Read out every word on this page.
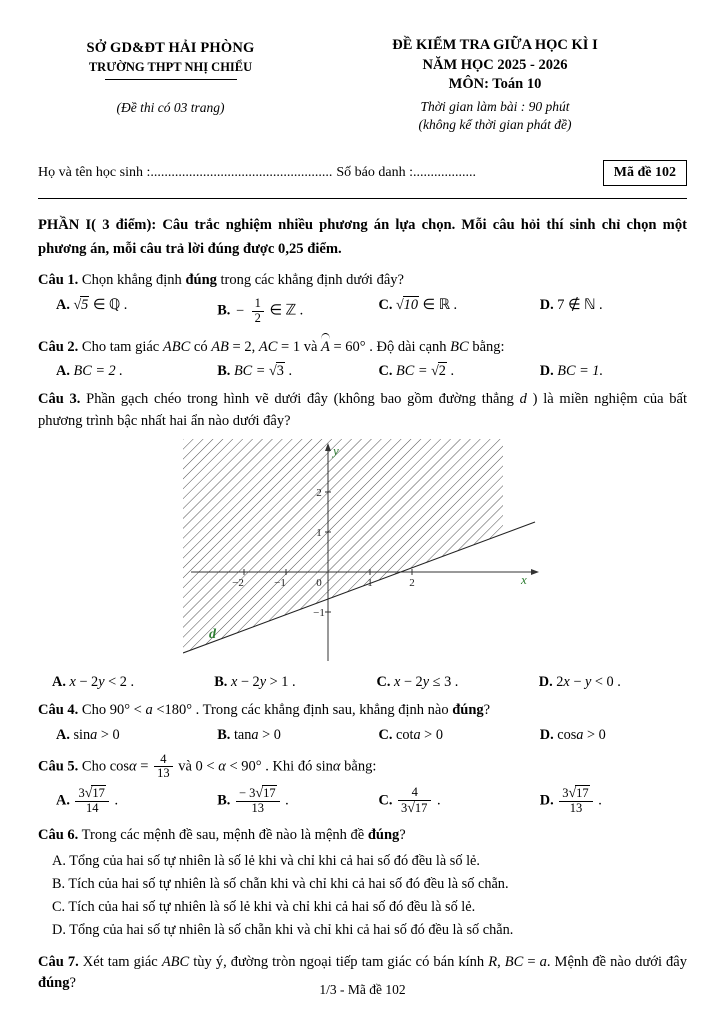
SỞ GD&ĐT HẢI PHÒNG
TRƯỜNG THPT NHỊ CHIỂU
(Đề thi có 03 trang)
ĐỀ KIỂM TRA GIỮA HỌC KÌ I
NĂM HỌC 2025 - 2026
MÔN: Toán 10
Thời gian làm bài : 90 phút
(không kể thời gian phát đề)
Họ và tên học sinh : .................................................... Số báo danh : ..................	Mã đề 102
PHẦN I( 3 điểm): Câu trắc nghiệm nhiều phương án lựa chọn. Mỗi câu hỏi thí sinh chỉ chọn một phương án, mỗi câu trả lời đúng được 0,25 điểm.
Câu 1. Chọn khẳng định đúng trong các khẳng định dưới đây?
A. √5 ∈ ℚ .	B. − $\frac{1}{2}$ ∈ ℤ .	C. √10 ∈ ℝ .	D. 7 ∉ ℕ .
Câu 2. Cho tam giác ABC có AB = 2, AC = 1 và A = 60° . Độ dài cạnh BC bằng:
A. BC = 2 .	B. BC = √3 .	C. BC = √2 .	D. BC = 1.
Câu 3. Phần gạch chéo trong hình vẽ dưới đây (không bao gồm đường thẳng d ) là miền nghiệm của bất phương trình bậc nhất hai ẩn nào dưới đây?
−2	−1	0	1	2
1
2
−1
y
x
d
A. x − 2y < 2 .	B. x − 2y > 1 .	C. x − 2y ≤ 3 .	D. 2x − y < 0 .
Câu 4. Cho 90° < a <180° . Trong các khẳng định sau, khẳng định nào đúng?
A. sina > 0	B. tana > 0	C. cota > 0	D. cosa > 0
Câu 5. Cho $\cos\alpha = \frac{4}{13}$ và 0 < α < 90° . Khi đó sinα bằng:
A. $\frac{3√17}{14}$ .	B. $\frac{- 3√17}{13}$ .	C. $\frac{4}{3√17}$ .	D. $\frac{3√17}{13}$ .
Câu 6. Trong các mệnh đề sau, mệnh đề nào là mệnh đề đúng?
A. Tổng của hai số tự nhiên là số lẻ khi và chỉ khi cả hai số đó đều là số lẻ.
B. Tích của hai số tự nhiên là số chẵn khi và chỉ khi cả hai số đó đều là số chẵn.
C. Tích của hai số tự nhiên là số lẻ khi và chỉ khi cả hai số đó đều là số lẻ.
D. Tổng của hai số tự nhiên là số chẵn khi và chỉ khi cả hai số đó đều là số chẵn.
Câu 7. Xét tam giác ABC tùy ý, đường tròn ngoại tiếp tam giác có bán kính R, BC = a. Mệnh đề nào dưới đây đúng?	1/3 - Mã đề 102
